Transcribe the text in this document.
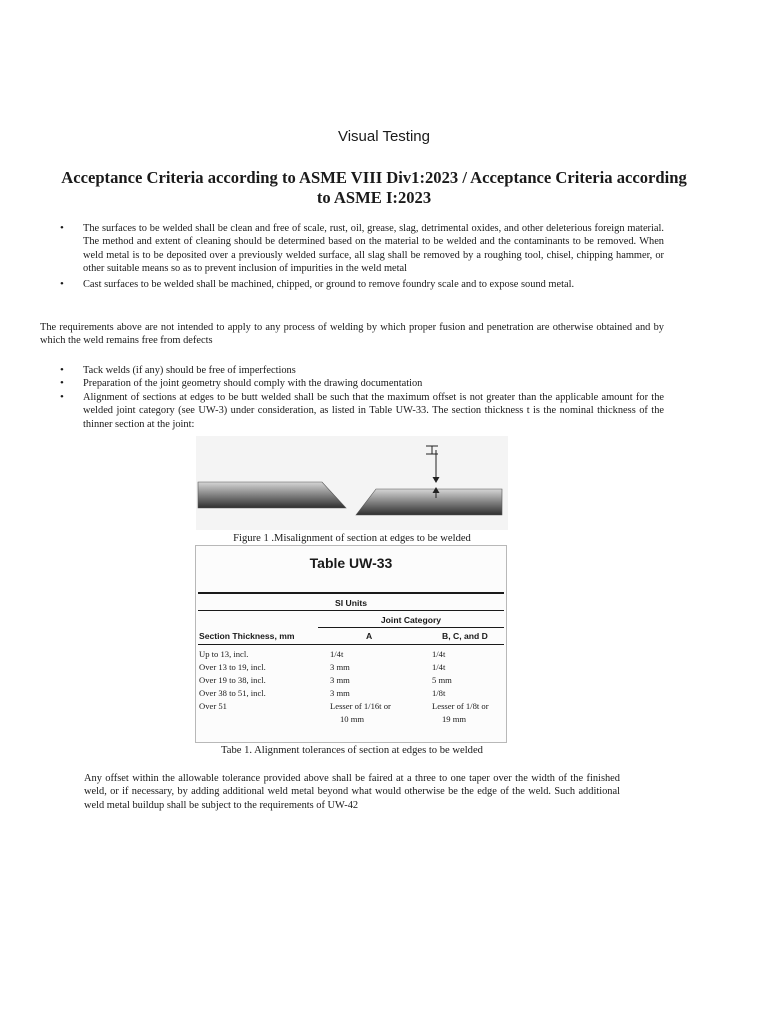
Visual Testing
Acceptance Criteria according to ASME VIII Div1:2023 / Acceptance Criteria according to ASME I:2023
• The surfaces to be welded shall be clean and free of scale, rust, oil, grease, slag, detrimental oxides, and other deleterious foreign material. The method and extent of cleaning should be determined based on the material to be welded and the contaminants to be removed. When weld metal is to be deposited over a previously welded surface, all slag shall be removed by a roughing tool, chisel, chipping hammer, or other suitable means so as to prevent inclusion of impurities in the weld metal
• Cast surfaces to be welded shall be machined, chipped, or ground to remove foundry scale and to expose sound metal.
The requirements above are not intended to apply to any process of welding by which proper fusion and penetration are otherwise obtained and by which the weld remains free from defects
• Tack welds (if any) should be free of imperfections
• Preparation of the joint geometry should comply with the drawing documentation
• Alignment of sections at edges to be butt welded shall be such that the maximum offset is not greater than the applicable amount for the welded joint category (see UW-3) under consideration, as listed in Table UW-33. The section thickness t is the nominal thickness of the thinner section at the joint:
Figure 1 .Misalignment of section at edges to be welded
Table UW-33
SI Units
Joint Category
Section Thickness, mm	A	B, C, and D
Up to 13, incl.	1/4t	1/4t
Over 13 to 19, incl.	3 mm	1/4t
Over 19 to 38, incl.	3 mm	5 mm
Over 38 to 51, incl.	3 mm	1/8t
Over 51	Lesser of 1/16t or	Lesser of 1/8t or
10 mm	19 mm
Tabe 1. Alignment tolerances of section at edges to be welded
Any offset within the allowable tolerance provided above shall be faired at a three to one taper over the width of the finished weld, or if necessary, by adding additional weld metal beyond what would otherwise be the edge of the weld. Such additional weld metal buildup shall be subject to the requirements of UW-42
